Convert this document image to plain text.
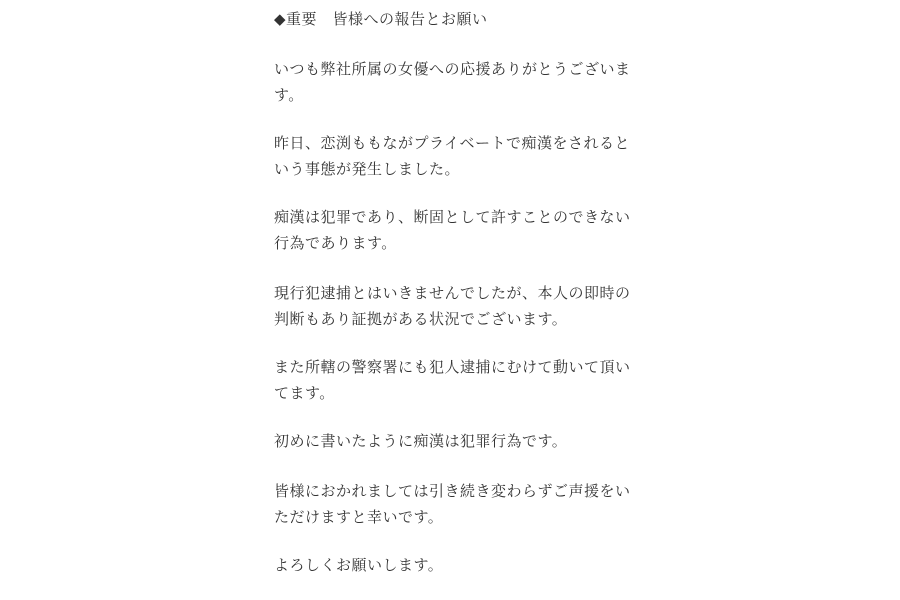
◆重要　皆様への報告とお願い
いつも弊社所属の女優への応援ありがとうございま
す。
昨日、恋渕ももながプライベートで痴漢をされると
いう事態が発生しました。
痴漢は犯罪であり、断固として許すことのできない
行為であります。
現行犯逮捕とはいきませんでしたが、本人の即時の
判断もあり証拠がある状況でございます。
また所轄の警察署にも犯人逮捕にむけて動いて頂い
てます。
初めに書いたように痴漢は犯罪行為です。
皆様におかれましては引き続き変わらずご声援をい
ただけますと幸いです。
よろしくお願いします。
